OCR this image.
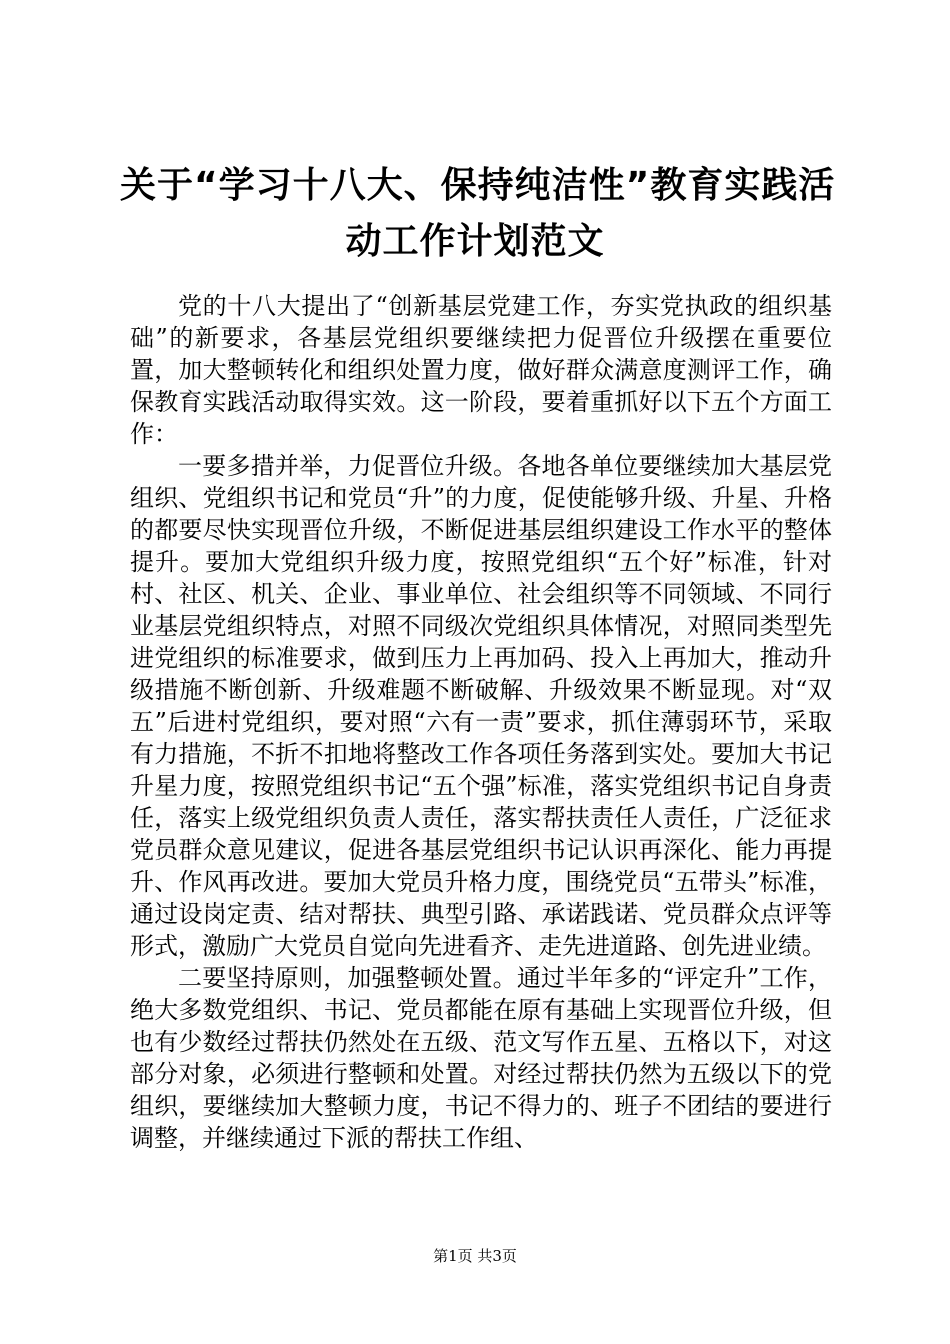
关于“学习十八大、保持纯洁性”教育实践活
动工作计划范文

党的十八大提出了“创新基层党建工作，夯实党执政的组织基础”的新要求，各基层党组织要继续把力促晋位升级摆在重要位置，加大整顿转化和组织处置力度，做好群众满意度测评工作，确保教育实践活动取得实效。这一阶段，要着重抓好以下五个方面工作：

一要多措并举，力促晋位升级。各地各单位要继续加大基层党组织、党组织书记和党员“升”的力度，促使能够升级、升星、升格的都要尽快实现晋位升级，不断促进基层组织建设工作水平的整体提升。要加大党组织升级力度，按照党组织“五个好”标准，针对村、社区、机关、企业、事业单位、社会组织等不同领域、不同行业基层党组织特点，对照不同级次党组织具体情况，对照同类型先进党组织的标准要求，做到压力上再加码、投入上再加大，推动升级措施不断创新、升级难题不断破解、升级效果不断显现。对“双五”后进村党组织，要对照“六有一责”要求，抓住薄弱环节，采取有力措施，不折不扣地将整改工作各项任务落到实处。要加大书记升星力度，按照党组织书记“五个强”标准，落实党组织书记自身责任，落实上级党组织负责人责任，落实帮扶责任人责任，广泛征求党员群众意见建议，促进各基层党组织书记认识再深化、能力再提升、作风再改进。要加大党员升格力度，围绕党员“五带头”标准，通过设岗定责、结对帮扶、典型引路、承诺践诺、党员群众点评等形式，激励广大党员自觉向先进看齐、走先进道路、创先进业绩。

二要坚持原则，加强整顿处置。通过半年多的“评定升”工作，绝大多数党组织、书记、党员都能在原有基础上实现晋位升级，但也有少数经过帮扶仍然处在五级、范文写作五星、五格以下，对这部分对象，必须进行整顿和处置。对经过帮扶仍然为五级以下的党组织，要继续加大整顿力度，书记不得力的、班子不团结的要进行调整，并继续通过下派的帮扶工作组、

第1页 共3页
